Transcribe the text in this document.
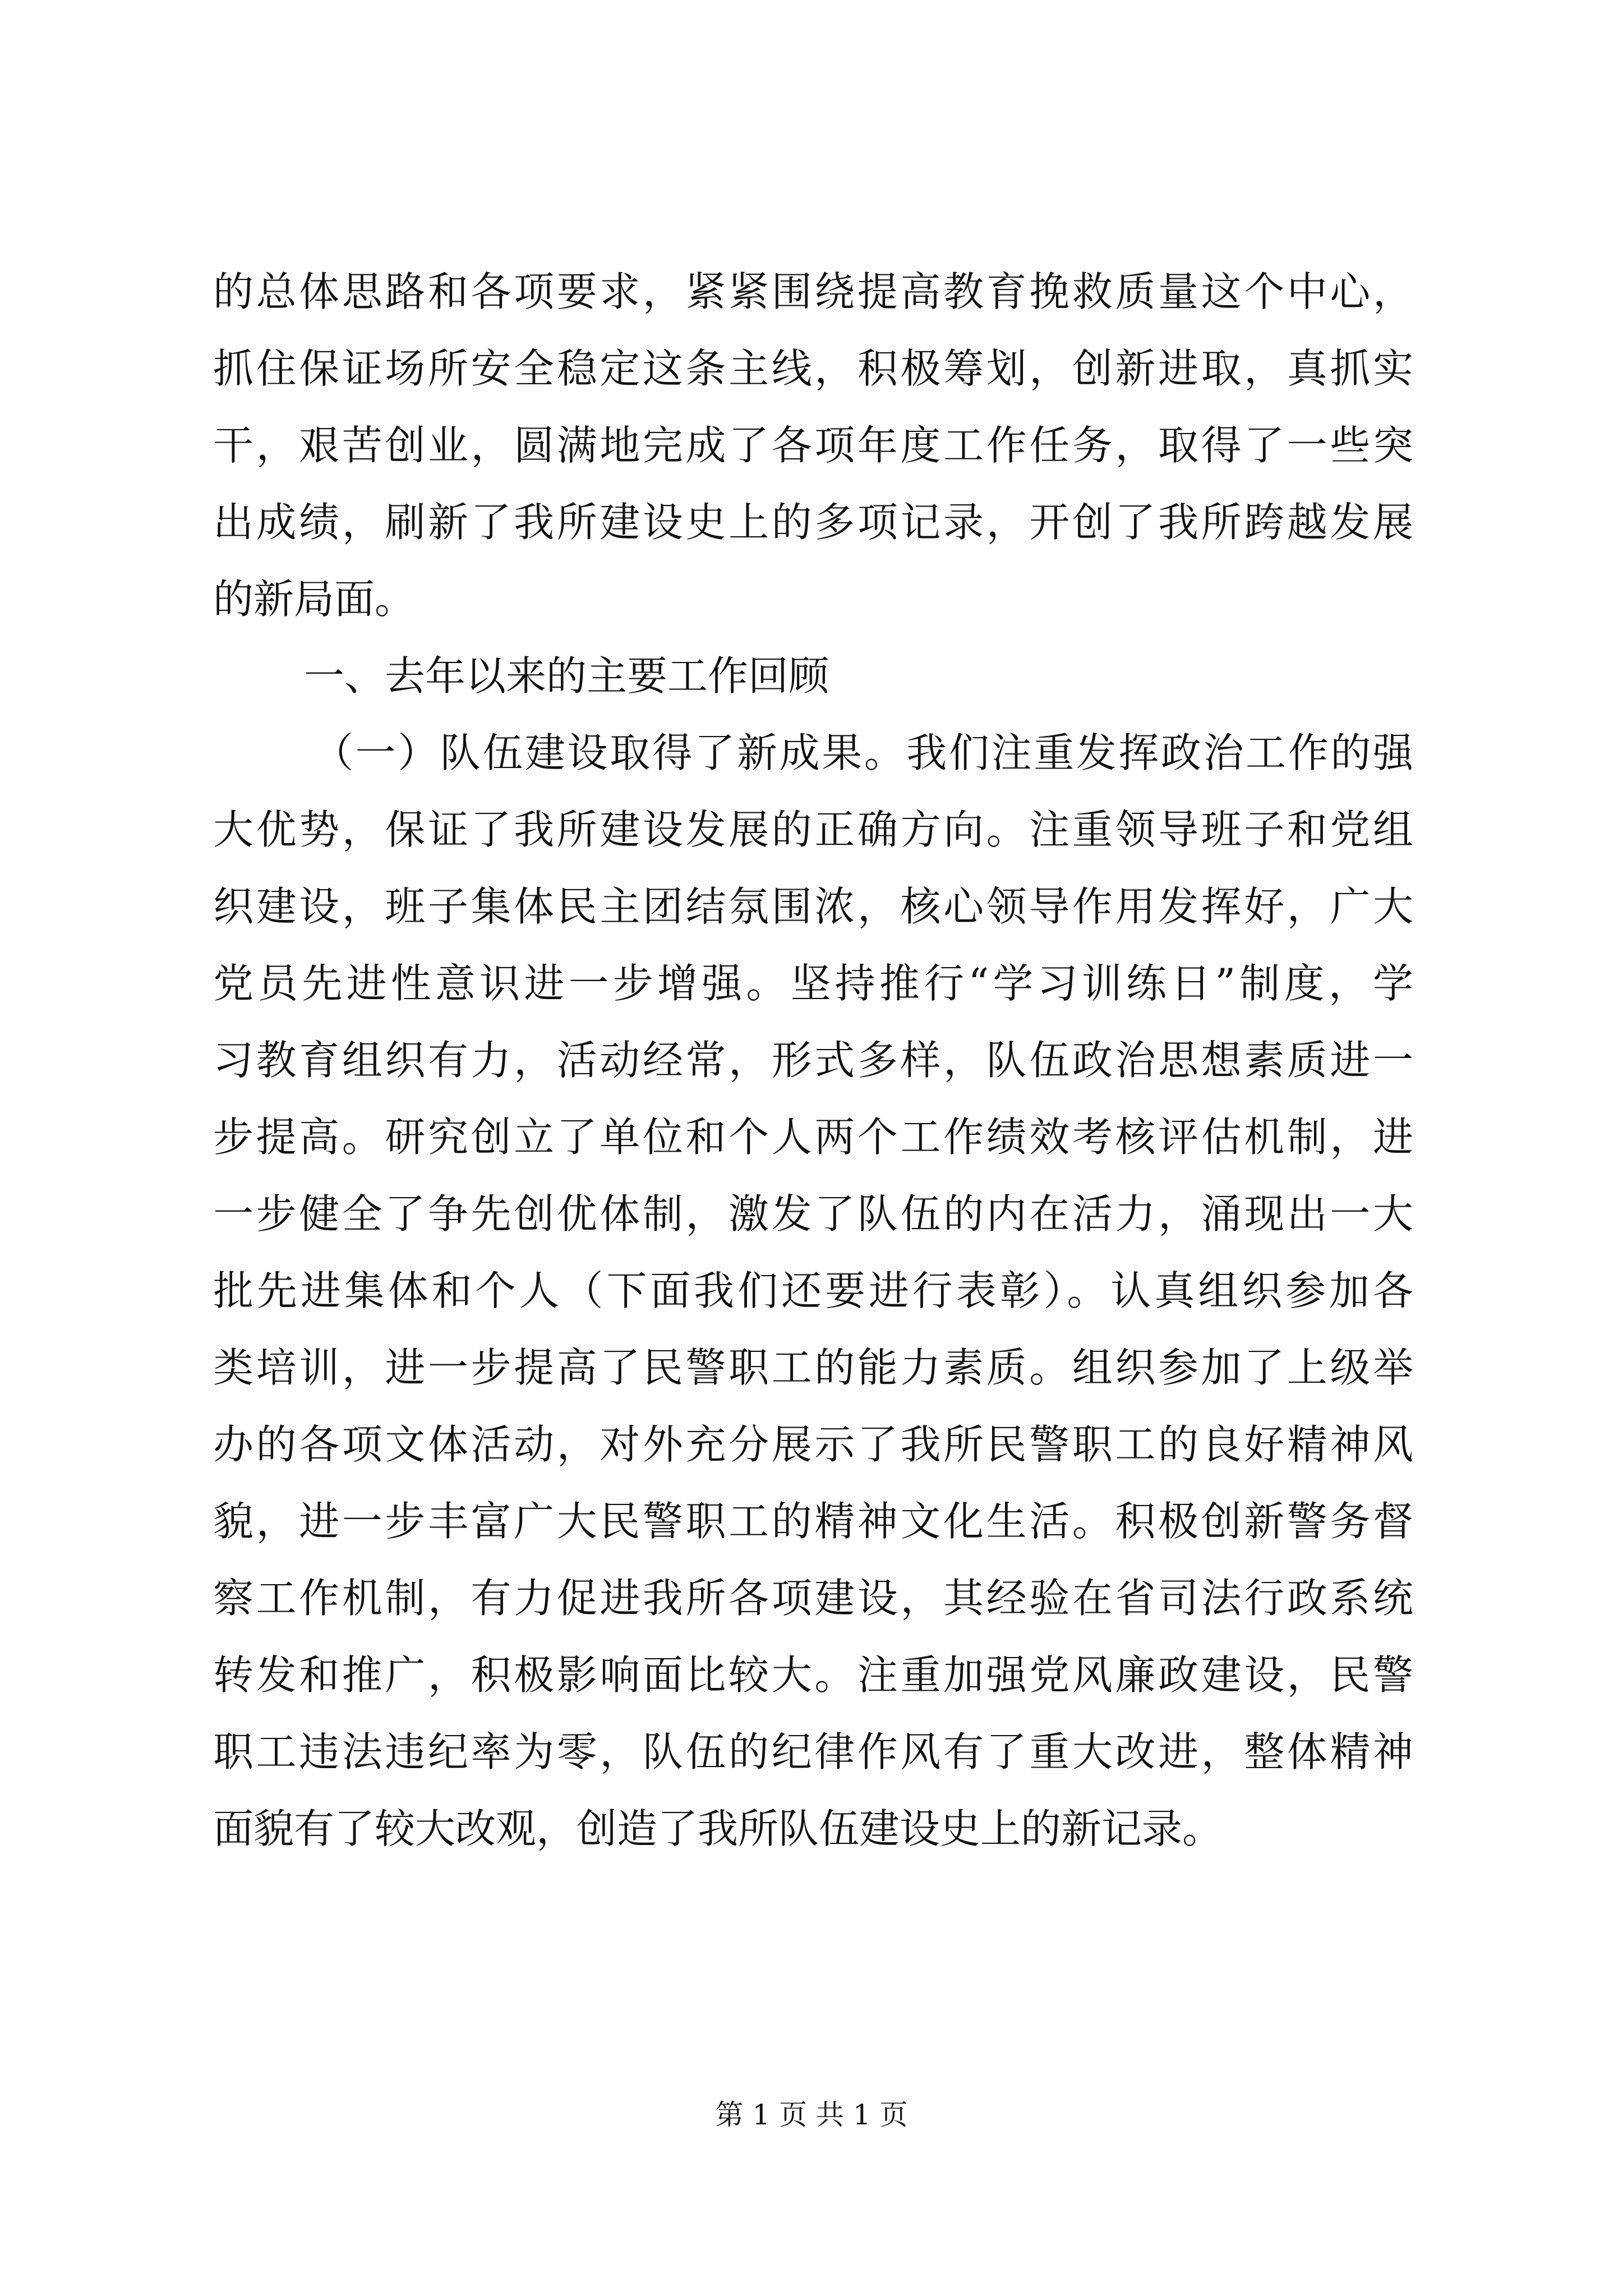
的总体思路和各项要求，紧紧围绕提高教育挽救质量这个中心，
抓住保证场所安全稳定这条主线，积极筹划，创新进取，真抓实
干，艰苦创业，圆满地完成了各项年度工作任务，取得了一些突
出成绩，刷新了我所建设史上的多项记录，开创了我所跨越发展
的新局面。
一、去年以来的主要工作回顾
（一）队伍建设取得了新成果。我们注重发挥政治工作的强
大优势，保证了我所建设发展的正确方向。注重领导班子和党组
织建设，班子集体民主团结氛围浓，核心领导作用发挥好，广大
党员先进性意识进一步增强。坚持推行“学习训练日”制度，学
习教育组织有力，活动经常，形式多样，队伍政治思想素质进一
步提高。研究创立了单位和个人两个工作绩效考核评估机制，进
一步健全了争先创优体制，激发了队伍的内在活力，涌现出一大
批先进集体和个人（下面我们还要进行表彰）。认真组织参加各
类培训，进一步提高了民警职工的能力素质。组织参加了上级举
办的各项文体活动，对外充分展示了我所民警职工的良好精神风
貌，进一步丰富广大民警职工的精神文化生活。积极创新警务督
察工作机制，有力促进我所各项建设，其经验在省司法行政系统
转发和推广，积极影响面比较大。注重加强党风廉政建设，民警
职工违法违纪率为零，队伍的纪律作风有了重大改进，整体精神
面貌有了较大改观，创造了我所队伍建设史上的新记录。
第 1 页 共 1 页
